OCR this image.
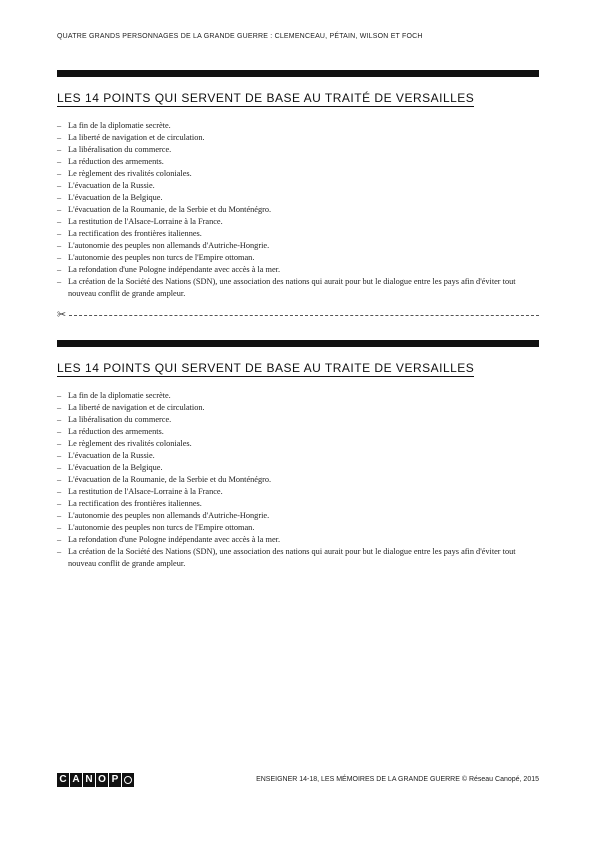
QUATRE GRANDS PERSONNAGES DE LA GRANDE GUERRE : CLEMENCEAU, PÉTAIN, WILSON ET FOCH
LES 14 POINTS QUI SERVENT DE BASE AU TRAITÉ DE VERSAILLES
– La fin de la diplomatie secrète.
– La liberté de navigation et de circulation.
– La libéralisation du commerce.
– La réduction des armements.
– Le règlement des rivalités coloniales.
– L'évacuation de la Russie.
– L'évacuation de la Belgique.
– L'évacuation de la Roumanie, de la Serbie et du Monténégro.
– La restitution de l'Alsace-Lorraine à la France.
– La rectification des frontières italiennes.
– L'autonomie des peuples non allemands d'Autriche-Hongrie.
– L'autonomie des peuples non turcs de l'Empire ottoman.
– La refondation d'une Pologne indépendante avec accès à la mer.
– La création de la Société des Nations (SDN), une association des nations qui aurait pour but le dialogue entre les pays afin d'éviter tout nouveau conflit de grande ampleur.
✂
LES 14 POINTS QUI SERVENT DE BASE AU TRAITE DE VERSAILLES
– La fin de la diplomatie secrète.
– La liberté de navigation et de circulation.
– La libéralisation du commerce.
– La réduction des armements.
– Le règlement des rivalités coloniales.
– L'évacuation de la Russie.
– L'évacuation de la Belgique.
– L'évacuation de la Roumanie, de la Serbie et du Monténégro.
– La restitution de l'Alsace-Lorraine à la France.
– La rectification des frontières italiennes.
– L'autonomie des peuples non allemands d'Autriche-Hongrie.
– L'autonomie des peuples non turcs de l'Empire ottoman.
– La refondation d'une Pologne indépendante avec accès à la mer.
– La création de la Société des Nations (SDN), une association des nations qui aurait pour but le dialogue entre les pays afin d'éviter tout nouveau conflit de grande ampleur.
C A N O P	ENSEIGNER 14-18, LES MÉMOIRES DE LA GRANDE GUERRE © Réseau Canopé, 2015
